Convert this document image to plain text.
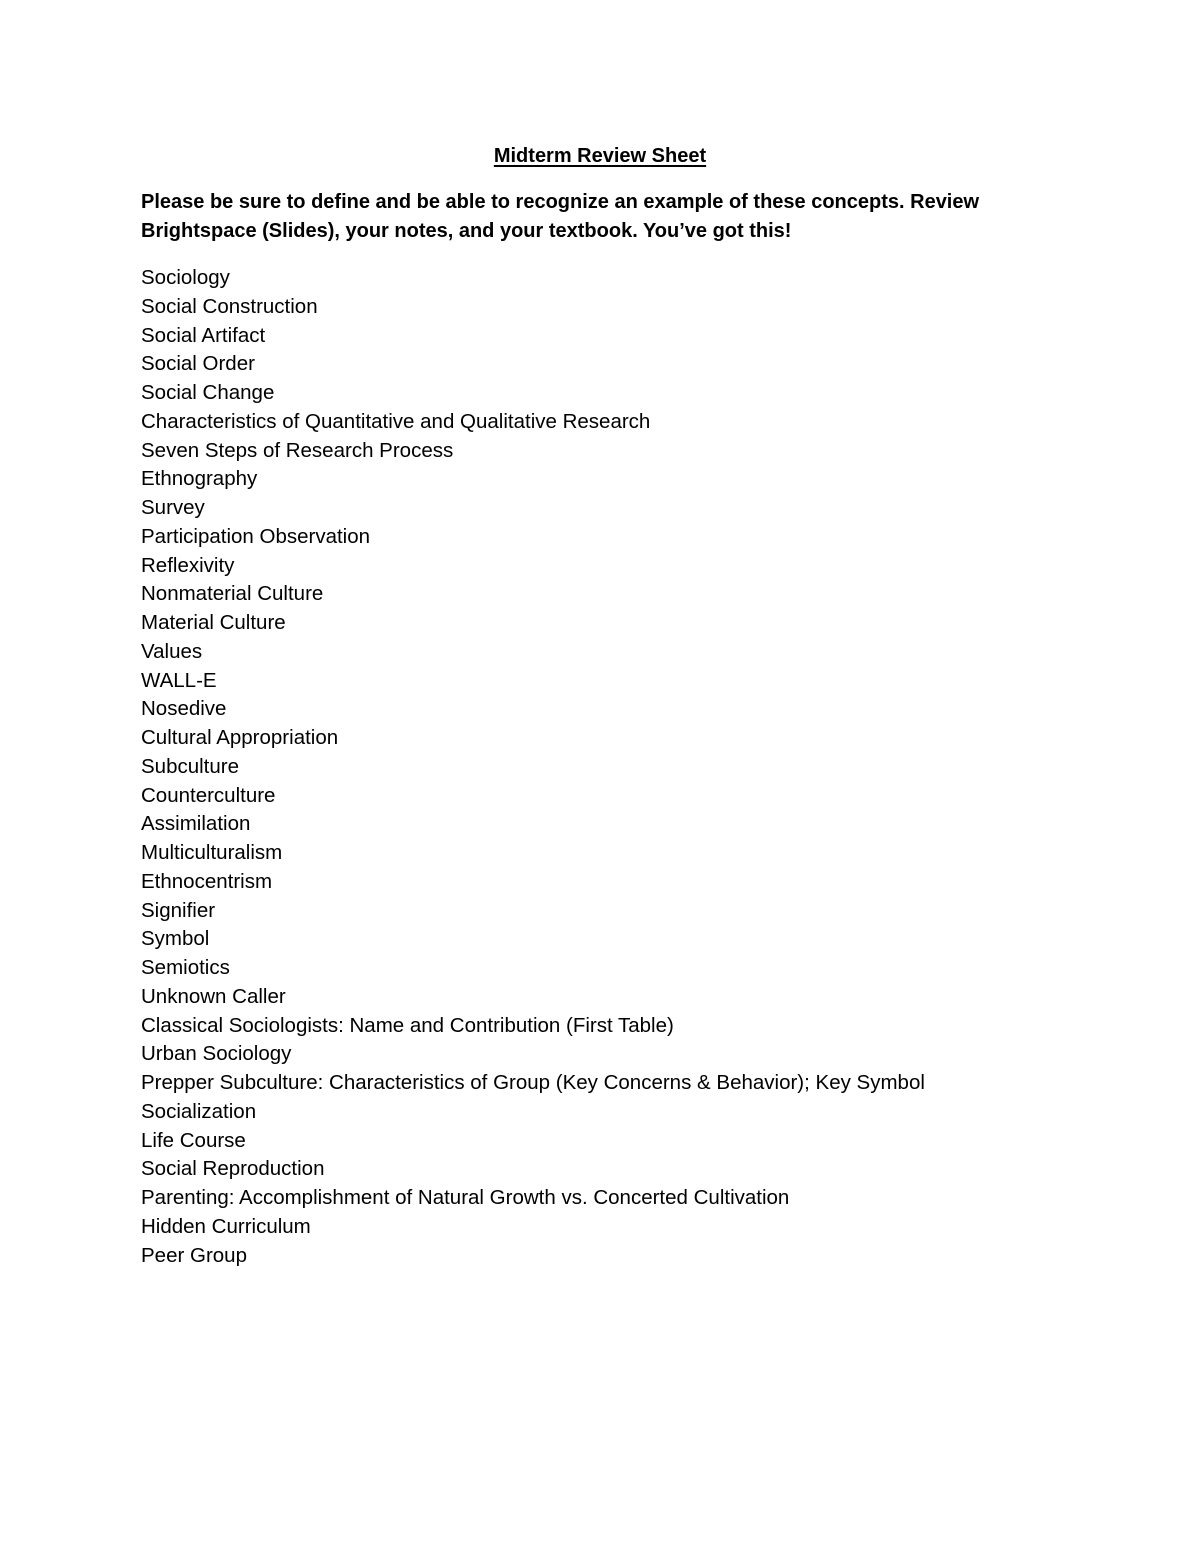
Midterm Review Sheet
Please be sure to define and be able to recognize an example of these concepts. Review Brightspace (Slides), your notes, and your textbook. You’ve got this!
Sociology
Social Construction
Social Artifact
Social Order
Social Change
Characteristics of Quantitative and Qualitative Research
Seven Steps of Research Process
Ethnography
Survey
Participation Observation
Reflexivity
Nonmaterial Culture
Material Culture
Values
WALL-E
Nosedive
Cultural Appropriation
Subculture
Counterculture
Assimilation
Multiculturalism
Ethnocentrism
Signifier
Symbol
Semiotics
Unknown Caller
Classical Sociologists: Name and Contribution (First Table)
Urban Sociology
Prepper Subculture: Characteristics of Group (Key Concerns & Behavior); Key Symbol
Socialization
Life Course
Social Reproduction
Parenting: Accomplishment of Natural Growth vs. Concerted Cultivation
Hidden Curriculum
Peer Group
